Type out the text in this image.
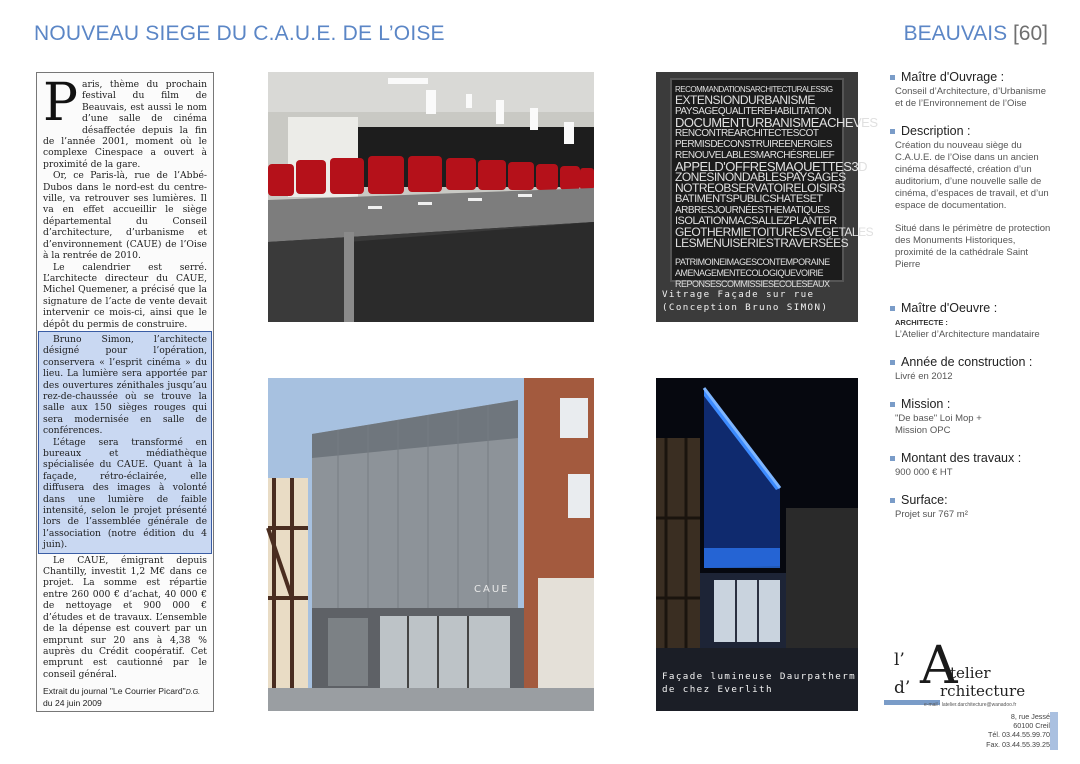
NOUVEAU SIEGE DU C.A.U.E. DE L’OISE	BEAUVAIS [60]
P aris, thème du prochain festival du film de Beauvais, est aussi le nom d’une salle de cinéma désaffectée depuis la fin de l’année 2001, moment où le complexe Cinespace a ouvert à proximité de la gare.

Or, ce Paris-là, rue de l’Abbé-Dubos dans le nord-est du centre-ville, va retrouver ses lumières. Il va en effet accueillir le siège départemental du Conseil d’architecture, d’urbanisme et d’environnement (CAUE) de l’Oise à la rentrée de 2010.

Le calendrier est serré. L’architecte directeur du CAUE, Michel Quemener, a précisé que la signature de l’acte de vente devait intervenir ce mois-ci, ainsi que le dépôt du permis de construire.

Bruno Simon, l’architecte désigné pour l’opération, conservera « l’esprit cinéma » du lieu. La lumière sera apportée par des ouvertures zénithales jusqu’au rez-de-chaussée où se trouve la salle aux 150 sièges rouges qui sera modernisée en salle de conférences.

L’étage sera transformé en bureaux et médiathèque spécialisée du CAUE. Quant à la façade, rétro-éclairée, elle diffusera des images à volonté dans une lumière de faible intensité, selon le projet présenté lors de l’assemblée générale de l’association (notre édition du 4 juin).

Le CAUE, émigrant depuis Chantilly, investit 1,2 M€ dans ce projet. La somme est répartie entre 260 000 € d’achat, 40 000 € de nettoyage et 900 000 € d’études et de travaux. L’ensemble de la dépense est couvert par un emprunt sur 20 ans à 4,38 % auprès du Crédit coopératif. Cet emprunt est cautionné par le conseil général.

Extrait du journal "Le Courrier Picard"D.G.
du 24 juin 2009
RECOMMANDATIONSARCHITECTURALESSIG
EXTENSIONDURBANISME
PAYSAGEQUALITEREHABILITATION
DOCUMENTURBANISMEACHEVES
RENCONTREARCHITECTESCOT
PERMISDECONSTRUIREENERGIES
RENOUVELABLESMARCHÉSRELIEF
APPELD'OFFRESMAQUETTES3D
ZONESINONDABLESPAYSAGES
NOTREOBSERVATOIRELOISIRS
BATIMENTSPUBLICSHATESET
ARBRESJOURNÉESTHEMATIQUES
ISOLATIONMACSALLEZPLANTER
GEOTHERMIETOITURESVEGETALES
LESMENUISERIESTRAVERSÉES
PATRIMOINEIMAGESCONTEMPORAINE
AMENAGEMENTECOLOGIQUEVOIRIE
REPONSESCOMMISSIESECOLESEAUX
Vitrage Façade sur rue
(Conception Bruno SIMON)
CAUE
Façade lumineuse Daurpatherm
de chez Everlith
Maître d'Ouvrage :
Conseil d’Architecture, d’Urbanisme et de l’Environnement de l’Oise
Description :
Création du nouveau siège du C.A.U.E. de l’Oise dans un ancien cinéma désaffecté, création d’un auditorium, d’une nouvelle salle de cinéma, d’espaces de travail, et d’un espace de documentation.
Situé dans le périmètre de protection des Monuments Historiques, proximité de la cathédrale Saint Pierre
Maître d'Oeuvre :
ARCHITECTE :
L’Atelier d’Architecture mandataire
Année de construction :
Livré en 2012
Mission :
"De base" Loi Mop +
Mission OPC
Montant des travaux :
900 000 € HT
Surface:
Projet sur 767 m²
l’ A
telier
d’ rchitecture
e-mail : latelier.darchitecture@wanadoo.fr
8, rue Jessé
60100 Creil
Tél. 03.44.55.99.70
Fax. 03.44.55.39.25
